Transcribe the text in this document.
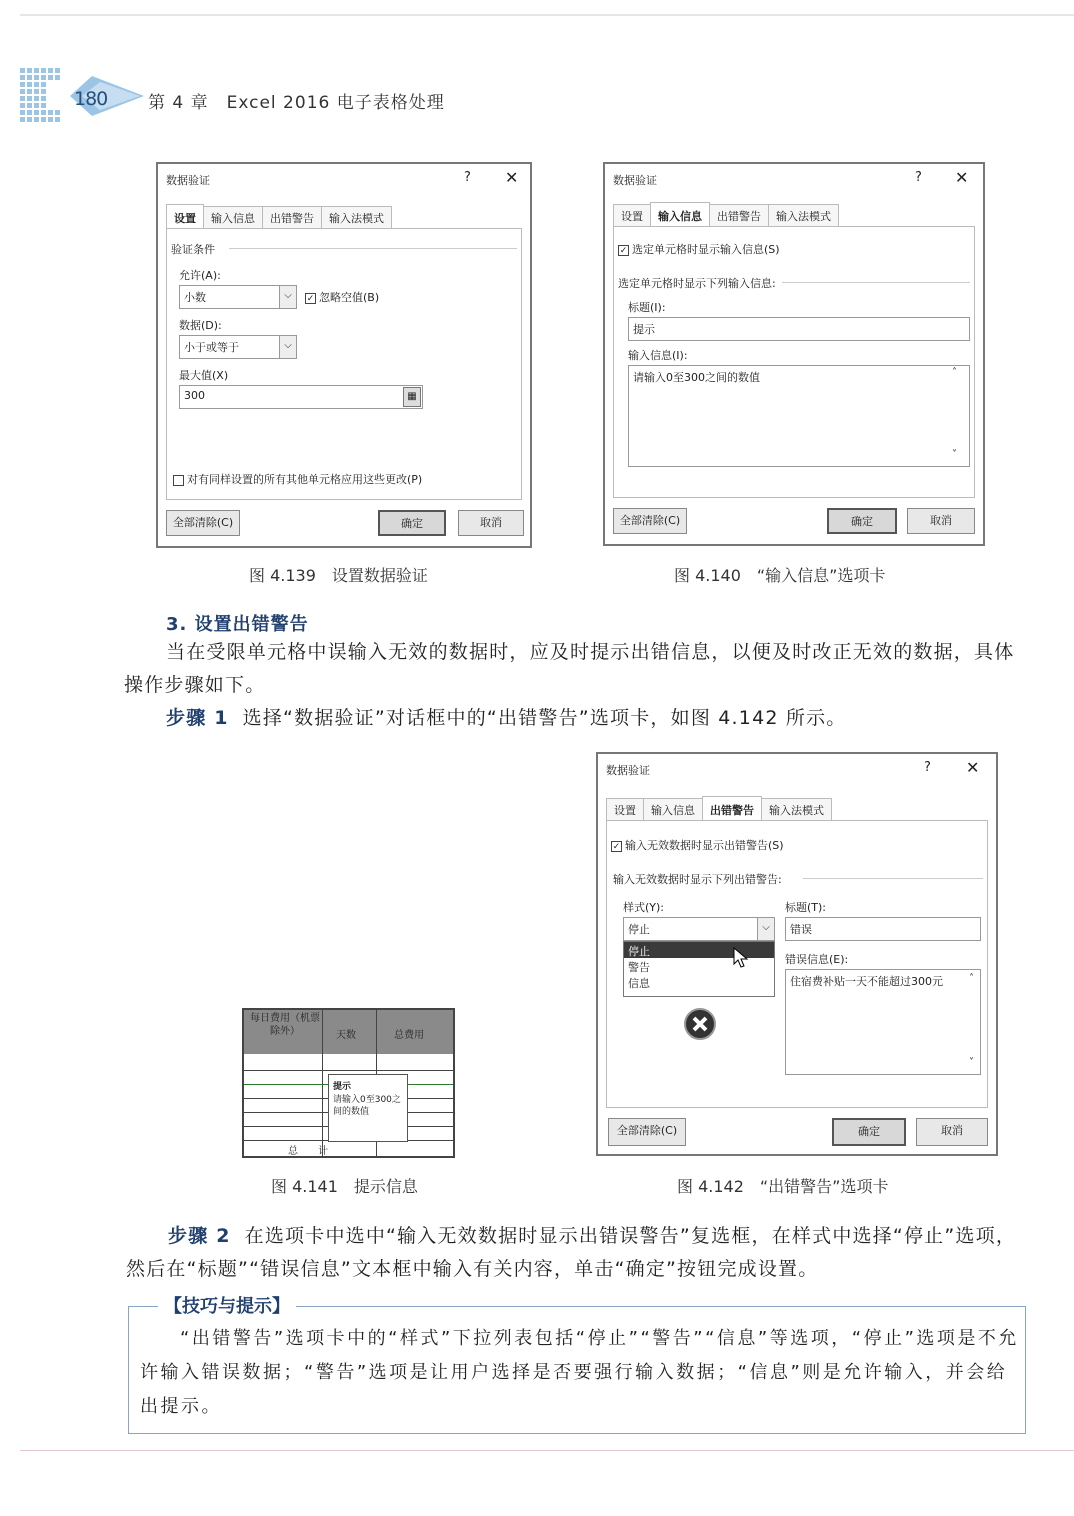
180 第 4 章　Excel 2016 电子表格处理
数据验证	? ✕
设置	输入信息	出错警告	输入法模式
验证条件
允许(A):
小数	⌵	✓ 忽略空值(B)
数据(D):
小于或等于	⌵
最大值(X)
300	▦
对有同样设置的所有其他单元格应用这些更改(P)
全部清除(C)	确定	取消
图 4.139　设置数据验证
数据验证	? ✕
设置	输入信息	出错警告	输入法模式
✓ 选定单元格时显示输入信息(S)
选定单元格时显示下列输入信息:
标题(I):
提示
输入信息(I):
请输入0至300之间的数值	˄
˅
全部清除(C)	确定	取消
图 4.140　“输入信息”选项卡
3. 设置出错警告
当在受限单元格中误输入无效的数据时，应及时提示出错信息，以便及时改正无效的数据，具体操作步骤如下。
步骤 1 选择“数据验证”对话框中的“出错警告”选项卡，如图 4.142 所示。
每日费用（机票除外）	天数	总费用
提示
请输入0至300之间的数值
总　　计
图 4.141　提示信息
数据验证	? ✕
设置	输入信息	出错警告	输入法模式
✓ 输入无效数据时显示出错警告(S)
输入无效数据时显示下列出错警告:
样式(Y):
停止	⌵
停止
警告
信息
标题(T):
错误
错误信息(E):
住宿费补贴一天不能超过300元	˄
˅
全部清除(C)	确定	取消
图 4.142　“出错警告”选项卡
步骤 2 在选项卡中选中“输入无效数据时显示出错误警告”复选框，在样式中选择“停止”选项，然后在“标题”“错误信息”文本框中输入有关内容，单击“确定”按钮完成设置。
【技巧与提示】
“出错警告”选项卡中的“样式”下拉列表包括“停止”“警告”“信息”等选项，“停止”选项是不允许输入错误数据；“警告”选项是让用户选择是否要强行输入数据；“信息”则是允许输入，并会给出提示。
